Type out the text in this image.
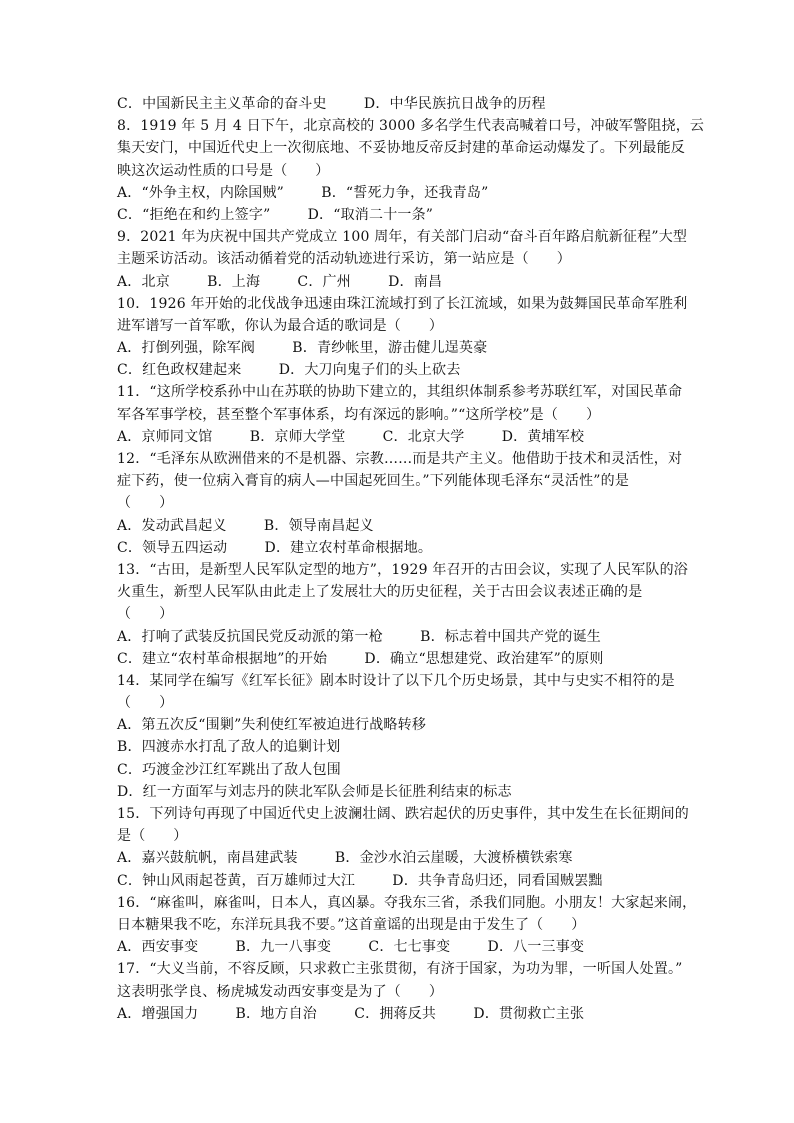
C．中国新民主主义革命的奋斗史        D．中华民族抗日战争的历程
8．1919 年 5 月 4 日下午，北京高校的 3000 多名学生代表高喊着口号，冲破军警阻挠，云
集天安门，中国近代史上一次彻底地、不妥协地反帝反封建的革命运动爆发了。下列最能反
映这次运动性质的口号是（      ）
A．“外争主权，内除国贼”        B．“誓死力争，还我青岛”
C．“拒绝在和约上签字”        D．“取消二十一条”
9．2021 年为庆祝中国共产党成立 100 周年，有关部门启动“奋斗百年路启航新征程”大型
主题采访活动。该活动循着党的活动轨迹进行采访，第一站应是（      ）
A．北京        B．上海        C．广州        D．南昌
10．1926 年开始的北伐战争迅速由珠江流域打到了长江流域，如果为鼓舞国民革命军胜利
进军谱写一首军歌，你认为最合适的歌词是（      ）
A．打倒列强，除军阀        B．青纱帐里，游击健儿逞英豪
C．红色政权建起来        D．大刀向鬼子们的头上砍去
11．“这所学校系孙中山在苏联的协助下建立的，其组织体制系参考苏联红军，对国民革命
军各军事学校，甚至整个军事体系，均有深远的影响。”“这所学校”是（      ）
A．京师同文馆        B．京师大学堂        C．北京大学        D．黄埔军校
12．“毛泽东从欧洲借来的不是机器、宗教……而是共产主义。他借助于技术和灵活性，对
症下药，使一位病入膏肓的病人—中国起死回生。”下列能体现毛泽东“灵活性”的是
（      ）
A．发动武昌起义        B．领导南昌起义
C．领导五四运动        D．建立农村革命根据地。
13．“古田，是新型人民军队定型的地方”，1929 年召开的古田会议，实现了人民军队的浴
火重生，新型人民军队由此走上了发展壮大的历史征程，关于古田会议表述正确的是
（      ）
A．打响了武装反抗国民党反动派的第一枪        B．标志着中国共产党的诞生
C．建立“农村革命根据地”的开始        D．确立“思想建党、政治建军”的原则
14．某同学在编写《红军长征》剧本时设计了以下几个历史场景，其中与史实不相符的是
（      ）
A．第五次反“围剿”失利使红军被迫进行战略转移
B．四渡赤水打乱了敌人的追剿计划
C．巧渡金沙江红军跳出了敌人包围
D．红一方面军与刘志丹的陕北军队会师是长征胜利结束的标志
15．下列诗句再现了中国近代史上波澜壮阔、跌宕起伏的历史事件，其中发生在长征期间的
是（      ）
A．嘉兴鼓航帆，南昌建武装        B．金沙水泊云崖暖，大渡桥横铁索寒
C．钟山风雨起苍黄，百万雄师过大江        D．共争青岛归还，同看国贼罢黜
16．“麻雀叫，麻雀叫，日本人，真凶暴。夺我东三省，杀我们同胞。小朋友！大家起来闹，
日本糖果我不吃，东洋玩具我不要。”这首童谣的出现是由于发生了（      ）
A．西安事变        B．九一八事变        C．七七事变        D．八一三事变
17．“大义当前，不容反顾，只求救亡主张贯彻，有济于国家，为功为罪，一听国人处置。”
这表明张学良、杨虎城发动西安事变是为了（      ）
A．增强国力        B．地方自治        C．拥蒋反共        D．贯彻救亡主张
